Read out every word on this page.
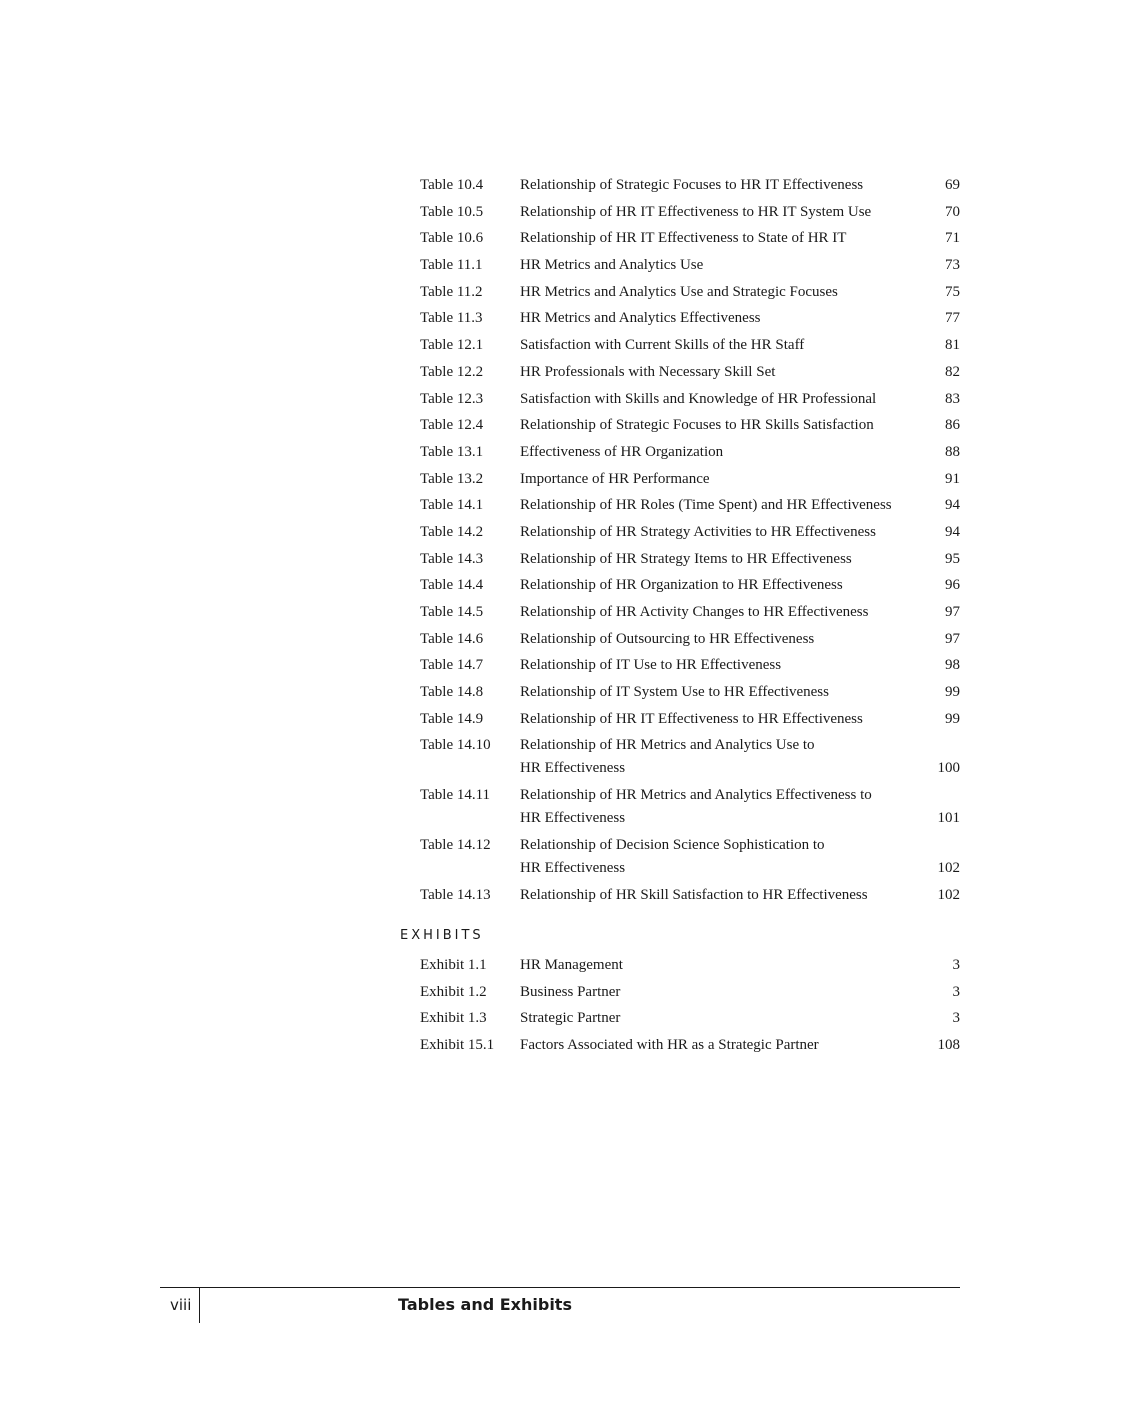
Table 10.4	Relationship of Strategic Focuses to HR IT Effectiveness	69
Table 10.5	Relationship of HR IT Effectiveness to HR IT System Use	70
Table 10.6	Relationship of HR IT Effectiveness to State of HR IT	71
Table 11.1	HR Metrics and Analytics Use	73
Table 11.2	HR Metrics and Analytics Use and Strategic Focuses	75
Table 11.3	HR Metrics and Analytics Effectiveness	77
Table 12.1	Satisfaction with Current Skills of the HR Staff	81
Table 12.2	HR Professionals with Necessary Skill Set	82
Table 12.3	Satisfaction with Skills and Knowledge of HR Professional	83
Table 12.4	Relationship of Strategic Focuses to HR Skills Satisfaction	86
Table 13.1	Effectiveness of HR Organization	88
Table 13.2	Importance of HR Performance	91
Table 14.1	Relationship of HR Roles (Time Spent) and HR Effectiveness	94
Table 14.2	Relationship of HR Strategy Activities to HR Effectiveness	94
Table 14.3	Relationship of HR Strategy Items to HR Effectiveness	95
Table 14.4	Relationship of HR Organization to HR Effectiveness	96
Table 14.5	Relationship of HR Activity Changes to HR Effectiveness	97
Table 14.6	Relationship of Outsourcing to HR Effectiveness	97
Table 14.7	Relationship of IT Use to HR Effectiveness	98
Table 14.8	Relationship of IT System Use to HR Effectiveness	99
Table 14.9	Relationship of HR IT Effectiveness to HR Effectiveness	99
Table 14.10	Relationship of HR Metrics and Analytics Use to
HR Effectiveness	100
Table 14.11	Relationship of HR Metrics and Analytics Effectiveness to
HR Effectiveness	101
Table 14.12	Relationship of Decision Science Sophistication to
HR Effectiveness	102
Table 14.13	Relationship of HR Skill Satisfaction to HR Effectiveness	102
EXHIBITS
Exhibit 1.1	HR Management	3
Exhibit 1.2	Business Partner	3
Exhibit 1.3	Strategic Partner	3
Exhibit 15.1	Factors Associated with HR as a Strategic Partner	108
viii	Tables and Exhibits
